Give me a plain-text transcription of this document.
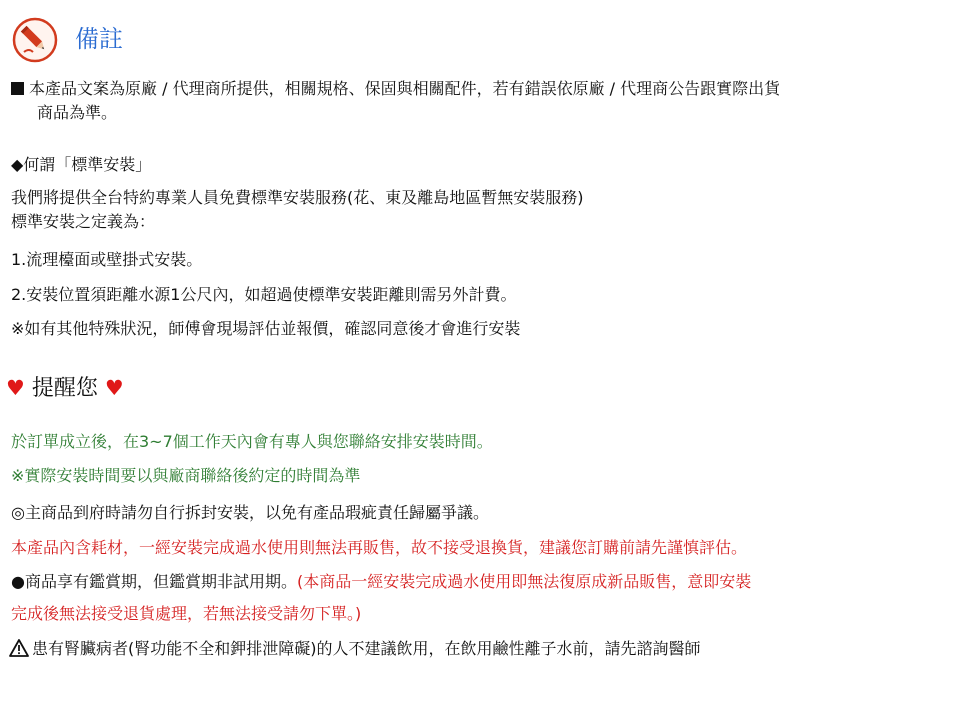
備註
本產品文案為原廠 / 代理商所提供，相關規格、保固與相關配件，若有錯誤依原廠 / 代理商公告跟實際出貨
商品為準。
◆何謂「標準安裝」
我們將提供全台特約專業人員免費標準安裝服務(花、東及離島地區暫無安裝服務)
標準安裝之定義為：
1.流理檯面或壁掛式安裝。
2.安裝位置須距離水源1公尺內，如超過使標準安裝距離則需另外計費。
※如有其他特殊狀況，師傅會現場評估並報價，確認同意後才會進行安裝
♥ 提醒您 ♥
於訂單成立後，在3~7個工作天內會有專人與您聯絡安排安裝時間。
※實際安裝時間要以與廠商聯絡後約定的時間為準
◎主商品到府時請勿自行拆封安裝，以免有產品瑕疵責任歸屬爭議。
本產品內含耗材，一經安裝完成過水使用則無法再販售，故不接受退換貨，建議您訂購前請先謹慎評估。
●商品享有鑑賞期，但鑑賞期非試用期。(本商品一經安裝完成過水使用即無法復原成新品販售，意即安裝
完成後無法接受退貨處理，若無法接受請勿下單。)
患有腎臟病者(腎功能不全和鉀排泄障礙)的人不建議飲用，在飲用鹼性離子水前，請先諮詢醫師
